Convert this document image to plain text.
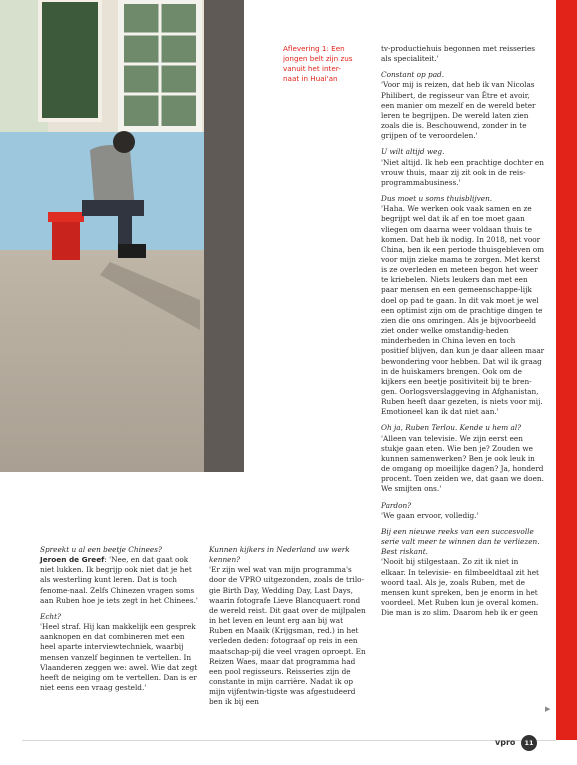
Aflevering 1: Een jongen belt zijn zus vanuit het inter-naat in Huai'an

Spreekt u al een beetje Chinees?

Jeroen de Greef: 'Nee, en dat gaat ook niet lukken. Ik begrijp ook niet dat je het als westerling kunt leren. Dat is toch fenome-naal. Zelfs Chinezen vragen soms aan Ruben hoe je iets zegt in het Chinees.'

Echt?

'Heel straf. Hij kan makkelijk een gesprek aanknopen en dat combineren met een heel aparte interviewtechniek, waarbij mensen vanzelf beginnen te vertellen. In Vlaanderen zeggen we: awel. Wie dat zegt heeft de neiging om te vertellen. Dan is er niet eens een vraag gesteld.'

Kunnen kijkers in Nederland uw werk kennen?

'Er zijn wel wat van mijn programma's door de VPRO uitgezonden, zoals de trilo-gie Birth Day, Wedding Day, Last Days, waarin fotografe Lieve Blancquaert rond de wereld reist. Dit gaat over de mijlpalen in het leven en leunt erg aan bij wat Ruben en Maaik (Krijgsman, red.) in het verleden deden: fotograaf op reis in een maatschap-pij die veel vragen oproept. En Reizen Waes, maar dat programma had een pool regisseurs. Reisseries zijn de constante in mijn carrière. Nadat ik op mijn vijfentwin-tigste was afgestudeerd ben ik bij een

tv-productiehuis begonnen met reisseries als specialiteit.'

Constant op pad.

'Voor mij is reizen, dat heb ik van Nicolas Philibert, de regisseur van Être et avoir, een manier om mezelf en de wereld beter leren te begrijpen. De wereld laten zien zoals die is. Beschouwend, zonder in te grijpen of te veroordelen.'

U wilt altijd weg.

'Niet altijd. Ik heb een prachtige dochter en vrouw thuis, maar zij zit ook in de reis-programmabusiness.'

Dus moet u soms thuisblijven.

'Haha. We werken ook vaak samen en ze begrijpt wel dat ik af en toe moet gaan vliegen om daarna weer voldaan thuis te komen. Dat heb ik nodig. In 2018, net voor China, ben ik een periode thuisgebleven om voor mijn zieke mama te zorgen. Met kerst is ze overleden en meteen begon het weer te kriebelen. Niets leukers dan met een paar mensen en een gemeenschappe-lijk doel op pad te gaan. In dit vak moet je wel een optimist zijn om de prachtige dingen te zien die ons omringen. Als je bijvoorbeeld ziet onder welke omstandig-heden minderheden in China leven en toch positief blijven, dan kun je daar alleen maar bewondering voor hebben. Dat wil ik graag in de huiskamers brengen. Ook om de kijkers een beetje positiviteit bij te bren-gen. Oorlogsverslaggeving in Afghanistan, Ruben heeft daar gezeten, is niets voor mij. Emotioneel kan ik dat niet aan.'

Oh ja, Ruben Terlou. Kende u hem al?

'Alleen van televisie. We zijn eerst een stukje gaan eten. Wie ben je? Zouden we kunnen samenwerken? Ben je ook leuk in de omgang op moeilijke dagen? Ja, honderd procent. Toen zeiden we, dat gaan we doen. We smijten ons.'

Pardon?

'We gaan ervoor, volledig.'

Bij een nieuwe reeks van een succesvolle serie valt meer te winnen dan te verliezen. Best riskant.

'Nooit bij stilgestaan. Zo zit ik niet in elkaar. In televisie- en filmbeeldtaal zit het woord taal. Als je, zoals Ruben, met de mensen kunt spreken, ben je enorm in het voordeel. Met Ruben kun je overal komen. Die man is zo slim. Daarom heb ik er geen

▶
vpro	11
